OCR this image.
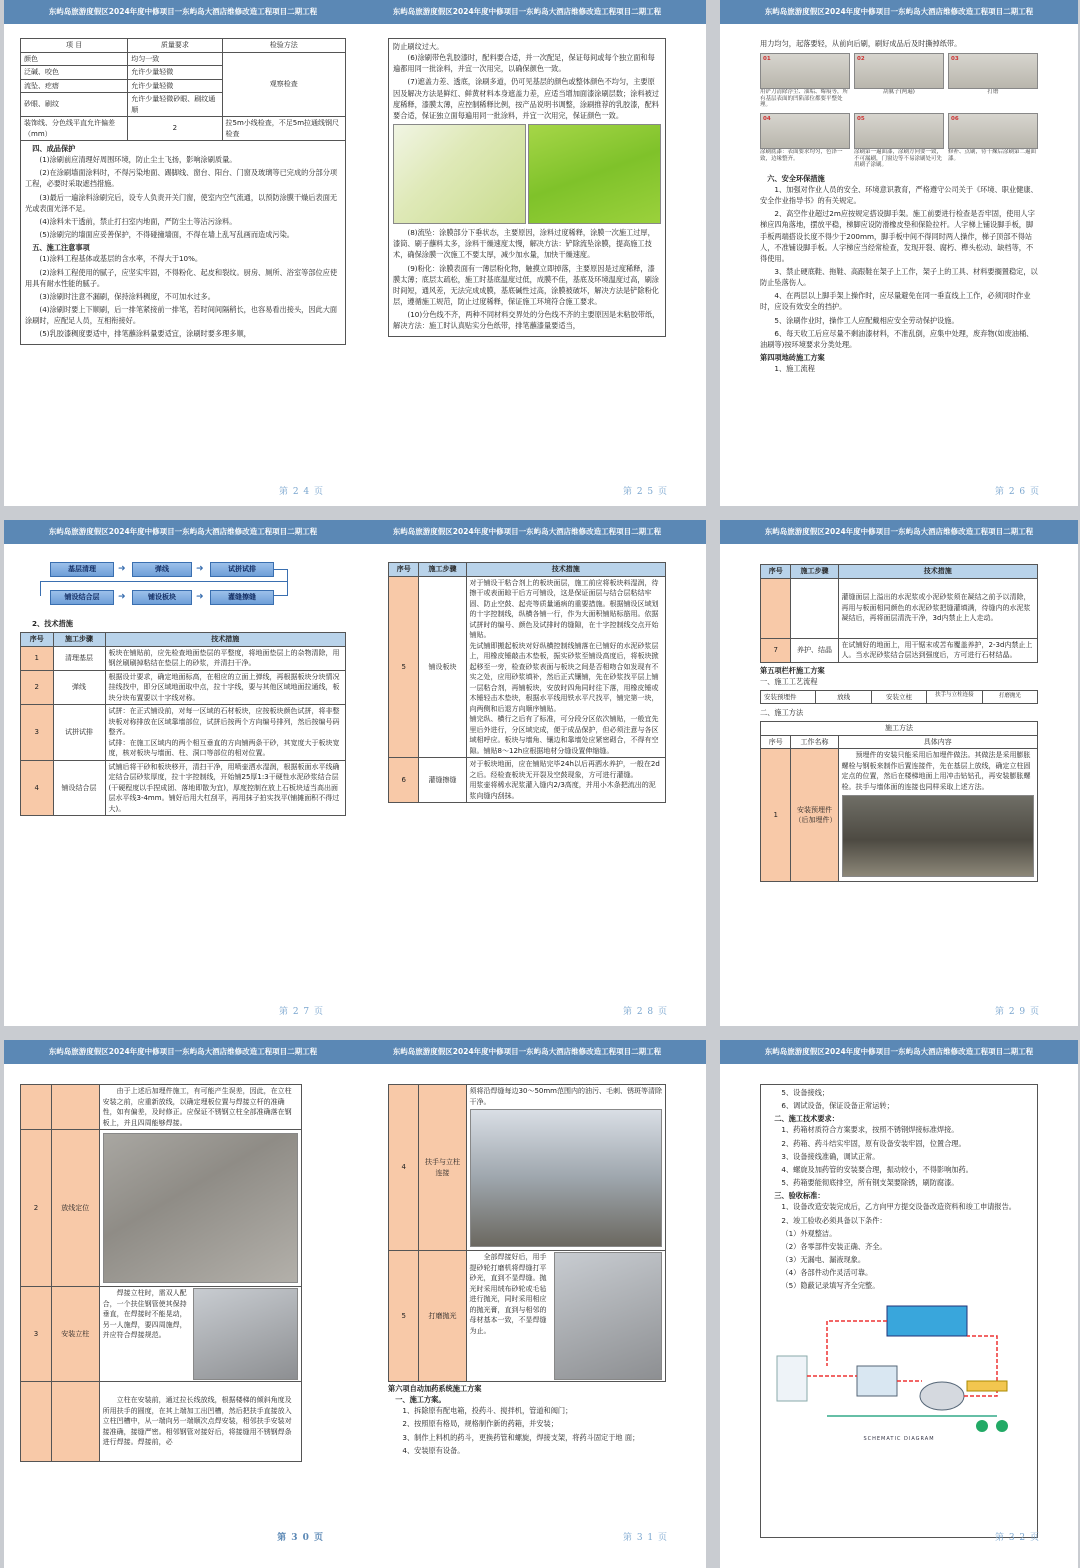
东屿岛旅游度假区2024年度中修项目一东屿岛大酒店维修改造工程项目二期工程
项 目	质量要求	检验方法
颜色	均匀一致	观察检查
泛碱、咬色	允许少量轻微	
流坠、疙瘩	允许少量轻微	
砂眼、刷纹	允许少量轻微砂眼、刷纹通顺	
装饰线、分色线平直允许偏差（mm）	2	拉5m小线检查，不足5m拉通线钢尺检查
四、成品保护

(1)涂刷前应清理好周围环境，防止尘土飞扬，影响涂刷质量。

(2)在涂刷墙面涂料时，不得污染地面、踢脚线、窗台、阳台、门窗及玻璃等已完成的分部分项工程，必要时采取遮挡措施。

(3)最后一遍涂料涂刷完后，设专人负责开关门窗，使室内空气流通，以预防涂膜干燥后表面无光或表面光泽不足。

(4)涂料未干透前，禁止打扫室内地面，严防尘土等沾污涂料。

(5)涂刷完的墙面应妥善保护，不得碰撞墙面，不得在墙上乱写乱画而造成污染。

五、施工注意事项

(1)涂料工程基体或基层的含水率，不得大于10%。

(2)涂料工程使用的腻子，应坚实牢固，不得粉化、起皮和裂纹。厨房、厕所、浴室等部位应使用具有耐水性能的腻子。

(3)涂刷时注意不漏刷，保持涂料稠度，不可加水过多。

(4)涂刷时要上下顺刷，后一排笔紧接前一排笔，若时间间隔稍长，也容易看出接头，因此大面涂刷时，应配足人员，互相衔接好。

(5)乳胶漆稠度要适中，排笔蘸涂料量要适宜，涂刷时要多理多顺，

第 2 4 页
东屿岛旅游度假区2024年度中修项目一东屿岛大酒店维修改造工程项目二期工程
防止刷纹过大。

(6)涂刷带色乳胶漆时，配料要合适，并一次配足，保证每间或每个独立面和每遍都用同一批涂料，并宜一次用完，以确保颜色一致。

(7)遮盖力差、透底，涂刷多道，仍可见基层的颜色或整体颜色不均匀，主要原因及解决方法是鲜红、鲜黄材料本身遮盖力差，应适当增加面漆涂刷层数；涂料被过度稀释，漆膜太薄，应控制稀释比例，按产品说明书调整，涂刷推荐的乳胶漆，配料要合适，保证独立面每遍用同一批涂料，并宜一次用完，保证颜色一致。

(8)流坠：涂膜部分下垂状态，主要原因，涂料过度稀释，涂膜一次施工过厚，漆筒、刷子蘸料太多，涂料干燥速度太慢，解决方法：铲除流坠涂膜，提高施工技术，确保涂膜一次施工不要太厚，减少加水量，加快干燥速度。

(9)粉化：涂膜表面有一薄层粉化物，触摸立即掉落，主要原因是过度稀释，漆膜太薄；底层太疏松，施工时基底温度过低，成膜不佳，基底及环境温度过高，刷涂时间短，通风差，无法完成成膜，基底碱性过高，涂膜被破坏，解决方法是铲除粉化层，遵循施工规范，防止过度稀释，保证施工环境符合施工要求。

(10)分色线不齐，两种不同材料交界处的分色线不齐的主要原因是未粘胶带纸，解决方法：施工时认真贴实分色纸带，排笔蘸漆量要适当，

第 2 5 页
东屿岛旅游度假区2024年度中修项目一东屿岛大酒店维修改造工程项目二期工程
用力均匀，起落要轻，从前向后刷，刷好成品后及时撕掉纸带。
01
用铲刀清除浮尘、油垢、霉痕等，所有基层表面的凹陷部位都要平整处理。
02
刮腻子(两遍)
03
打磨
04
涂刷底漆：表面要求均匀，色泽一致，边缘整齐。
05
涂刷第一遍面漆，涂刷方向要一致，不可漏刷，门窗边等不易涂刷处可先用刷子涂刷。
06
修补、点刷，待干燥后涂刷第二遍面漆。
六、安全环保措施

1、加强对作业人员的安全、环境意识教育，严格遵守公司关于《环境、职业健康、安全作业指导书》的有关规定。

2、高空作业超过2m应按规定搭设脚手架。施工前要进行检查是否牢固，使用人字梯应四角落地，摆放平稳，梯脚应设防滑橡皮垫和保险拉杆。人字梯上铺设脚手板，脚手板两端搭设长度不得少于200mm，脚手板中间不得同时两人操作，梯子顶部不得站人，不准铺设脚手板。人字梯应当经常检查，发现开裂、腐朽、榫头松动、缺档等，不得使用。

3、禁止硬底鞋、拖鞋、高跟鞋在架子上工作，架子上的工具、材料要搁置稳定，以防止坠落伤人。

4、在两层以上脚手架上操作时，应尽量避免在同一垂直线上工作，必须同时作业时，应设有效安全的挡护。

5、涂刷作业时，操作工人应配戴相应安全劳动保护设施。

6、每天收工后应尽量不剩油漆材料，不准乱倒，应集中处理，废弃物(如废油桶、油刷等)按环境要求分类处理。

第四项地砖施工方案

1、施工流程

第 2 6 页
东屿岛旅游度假区2024年度中修项目一东屿岛大酒店维修改造工程项目二期工程
基层清理	➜	弹线	➜	试拼试排
铺设结合层	➜	铺设板块	➜	灌缝擦缝
2、技术措施
序号	施工步骤	技术措施
1	清理基层	板块在铺贴前，应先检查地面垫层的平整度，将地面垫层上的杂物清除，用钢丝刷刷掉粘结在垫层上的砂浆，并清扫干净。
2	弹线	根据设计要求，确定地面标高，在相应的立面上弹线，再根据板块分块情况挂线找中，即分区域地面取中点，拉十字线，要与其他区域地面拉通线，板块分块布置要以十字线对称。
3	试拼试排	试拼：在正式铺设前，对每一区域的石材板块，应按板块颜色试拼，将非整块板对称排放在区域靠墙部位，试拼后按两个方向编号排列，然后按编号码整齐。
试排：在施工区域内的两个相互垂直的方向铺两条干砂，其宽度大于板块宽度，核对板块与墙面、柱、洞口等部位的相对位置。
4	铺设结合层	试铺后将干砂和板块移开，清扫干净，用喷壶洒水湿润，根据板面水平线确定结合层砂浆厚度，拉十字控制线，开始铺25厚1:3干硬性水泥砂浆结合层(干硬程度以手捏成团、落地即散为宜)，厚度控制在放上石板块适当高出面层水平线3-4mm。铺好后用大杠刮平，再用抹子拍实找平(铺摊面积不得过大)。
第 2 7 页
东屿岛旅游度假区2024年度中修项目一东屿岛大酒店维修改造工程项目二期工程
序号	施工步骤	技术措施
5	铺设板块	对于铺设干粘合剂上的板块面层，施工前应将板块料湿润，待擦干或表面晾干后方可铺设，这是保证面层与结合层粘结牢固、防止空鼓、起壳等质量通病的重要措施。根据铺设区域划的十字控制线，纵横各铺一行，作为大面积铺贴标筋用。依据试拼时的编号、颜色及试排时的缝隙，在十字控制线交点开始铺贴。
先试铺即搬起板块对好纵横控制线铺落在已铺好的水泥砂浆层上，用橡皮锤敲击木垫板，振实砂浆至铺设高度后，将板块掀起移至一旁，检查砂浆表面与板块之间是否相吻合如发现有不实之处，应用砂浆填补，然后正式镶铺，先在砂浆找平层上铺一层粘合剂，再铺板块，安放时四角同时往下落，用橡皮锤或木锤轻击木垫块，根据水平线用铁水平尺找平，铺完第一块，向两侧和后退方向顺序铺贴。
铺完纵、横行之后有了标准，可分段分区依次铺贴，一般宜先里后外进行，分区域完成，便于成品保护，但必须注意与各区域相呼应。板块与墙角、镶边和靠墙处应紧密砌合，不得有空隙。铺贴8～12h应根据地材分缝设置伸缩缝。
6	灌缝擦缝	对于板块地面，应在铺贴完毕24h以后再洒水养护，一般在2d之后。经检查板块无开裂及空鼓现象，方可进行灌缝。
用浆壶将稀水泥浆灌入缝内2/3高度，并用小木条把流出的泥浆向缝内刮抹。
第 2 8 页
东屿岛旅游度假区2024年度中修项目一东屿岛大酒店维修改造工程项目二期工程
序号	施工步骤	技术措施
		灌缝面层上溢出的水泥浆或小泥砂浆须在凝结之前予以清除，再用与板面相同颜色的水泥砂浆把缝灌填满，待缝内的水泥浆凝结后，再将面层清洗干净，3d内禁止上人走动。
7	养护、结晶	在试铺好的地面上，用干锯末或苫布覆盖养护，2-3d内禁止上人。当水泥砂浆结合层达到强度后，方可进行石材结晶。
第五项栏杆施工方案
一、施工工艺流程
安装预埋件	放线	安装立柱	扶手与立柱连接	打磨抛光
二、施工方法
施工方法		
序号	工作名称	具体内容
1	安装预埋件（后加埋件）	预埋件的安装只能采用后加埋件做法。其做法是采用膨胀螺栓与钢板来制作后置连接件，先在基层上放线，确定立柱固定点的位置，然后在楼梯地面上用冲击钻钻孔，再安装膨胀螺栓。扶手与墙体面的连接也同样采取上述方法。
第 2 9 页
东屿岛旅游度假区2024年度中修项目一东屿岛大酒店维修改造工程项目二期工程

		由于上述后加埋件施工，有可能产生误差，因此，在立柱安装之前，应重新放线，以确定埋板位置与焊接立杆的准确性，如有偏差，及时修正。应保证不锈钢立柱全部准确落在钢板上，并且四周能够焊接。

2	放线定位	

3	安装立柱	焊接立柱时，需双人配合，一个扶住钢管使其保持垂直，在焊接时不能晃动，另一人施焊，要四周施焊，并应符合焊接规范。

		立柱在安装前，通过拉长线放线，根据楼梯的倾斜角度及所用扶手的圆度，在其上端加工出凹槽，然后把扶手直接放入立柱凹槽中，从一端向另一端顺次点焊安装，相邻扶手安装对接准确，接缝严密。相邻钢管对接好后，将接缝用不锈钢焊条进行焊接。焊接前，必
第 3 0 页
东屿岛旅游度假区2024年度中修项目一东屿岛大酒店维修改造工程项目二期工程
4	扶手与立柱连接	须将沿焊缝每边30～50mm范围内的油污、毛刺、锈斑等清除干净。

5	打磨抛光	全部焊接好后，用手提砂轮打磨机将焊缝打平砂光，直到不显焊缝。抛光时采用绒布砂轮或毛毡进行抛光，同时采用相应的抛光膏，直到与相邻的母材基本一致，不显焊缝为止。
第六项自动加药系统施工方案
一、施工方案。

1、拆除原有配电箱，投药斗、搅拌机，管道和阀门；

2、按照原有格局，规格制作新的药箱，并安装；

3、制作上料机的药斗，更换药管和螺旋，焊接支架，将药斗固定于地 面；

4、安装原有设备。

第 3 1 页
东屿岛旅游度假区2024年度中修项目一东屿岛大酒店维修改造工程项目二期工程

5、设备接线；

6、调试设备，保证设备正常运转；

二、施工技术要求：

1、药箱材质符合方案要求，按照不锈钢焊接标准焊接。

2、药箱、药斗结实牢固，原有设备安装牢固，位置合理。

3、设备接线准确，调试正常。

4、螺旋及加药管的安装要合理，振动较小，不得影响加药。

5、药箱要能彻底排空，所有钢支架要除锈，刷防腐漆。

三、验收标准：

1、设备改造安装完成后，乙方向甲方提交设备改造资料和竣工申请报告。

2、竣工验收必须具备以下条件：

（1）外观整洁。

（2）各零部件安装正确、齐全。

（3）无漏电、漏液现象。

（4）各部件动作灵活可靠。

（5）隐蔽记录填写齐全完整。

SCHEMATIC DIAGRAM
第 3 2 页
